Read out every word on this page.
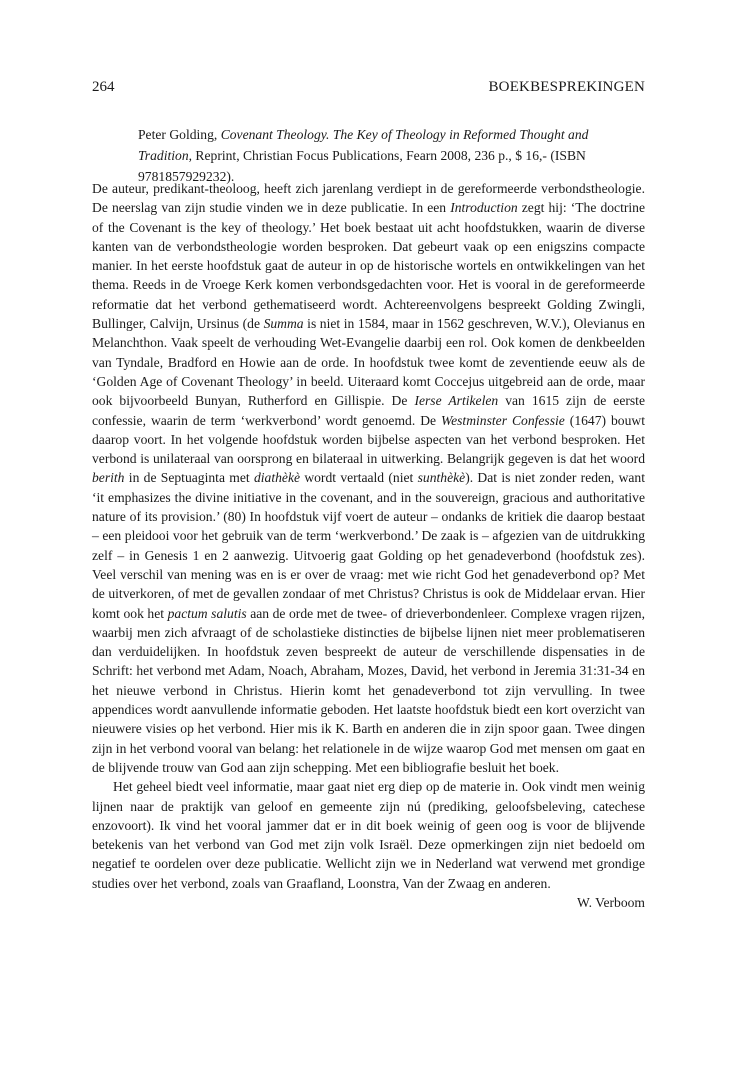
264	BOEKBESPREKINGEN
Peter Golding, Covenant Theology. The Key of Theology in Reformed Thought and Tradition, Reprint, Christian Focus Publications, Fearn 2008, 236 p., $ 16,- (ISBN 9781857929232).

De auteur, predikant-theoloog, heeft zich jarenlang verdiept in de gereformeerde verbondstheologie. De neerslag van zijn studie vinden we in deze publicatie. In een Introduction zegt hij: ‘The doctrine of the Covenant is the key of theology.’ Het boek bestaat uit acht hoofdstukken, waarin de diverse kanten van de verbondstheologie worden besproken. Dat gebeurt vaak op een enigszins compacte manier. In het eerste hoofdstuk gaat de auteur in op de historische wortels en ontwikkelingen van het thema. Reeds in de Vroege Kerk komen verbondsgedachten voor. Het is vooral in de gereformeerde reformatie dat het verbond gethematiseerd wordt. Achtereenvolgens bespreekt Golding Zwingli, Bullinger, Calvijn, Ursinus (de Summa is niet in 1584, maar in 1562 geschreven, W.V.), Olevianus en Melanchthon. Vaak speelt de verhouding Wet-Evangelie daarbij een rol. Ook komen de denkbeelden van Tyndale, Bradford en Howie aan de orde. In hoofdstuk twee komt de zeventiende eeuw als de ‘Golden Age of Covenant Theology’ in beeld. Uiteraard komt Coccejus uitgebreid aan de orde, maar ook bijvoorbeeld Bunyan, Rutherford en Gillispie. De Ierse Artikelen van 1615 zijn de eerste confessie, waarin de term ‘werkverbond’ wordt genoemd. De Westminster Confessie (1647) bouwt daarop voort. In het volgende hoofdstuk worden bijbelse aspecten van het verbond besproken. Het verbond is unilateraal van oorsprong en bilateraal in uitwerking. Belangrijk gegeven is dat het woord berith in de Septuaginta met diathèkè wordt vertaald (niet sunthèkè). Dat is niet zonder reden, want ‘it emphasizes the divine initiative in the covenant, and in the souvereign, gracious and authoritative nature of its provision.’ (80) In hoofdstuk vijf voert de auteur – ondanks de kritiek die daarop bestaat – een pleidooi voor het gebruik van de term ‘werkverbond.’ De zaak is – afgezien van de uitdrukking zelf – in Genesis 1 en 2 aanwezig. Uitvoerig gaat Golding op het genadeverbond (hoofdstuk zes). Veel verschil van mening was en is er over de vraag: met wie richt God het genadeverbond op? Met de uitverkoren, of met de gevallen zondaar of met Christus? Christus is ook de Middelaar ervan. Hier komt ook het pactum salutis aan de orde met de twee- of drieverbondenleer. Complexe vragen rijzen, waarbij men zich afvraagt of de scholastieke distincties de bijbelse lijnen niet meer problematiseren dan verduidelijken. In hoofdstuk zeven bespreekt de auteur de verschillende dispensaties in de Schrift: het verbond met Adam, Noach, Abraham, Mozes, David, het verbond in Jeremia 31:31-34 en het nieuwe verbond in Christus. Hierin komt het genadeverbond tot zijn vervulling. In twee appendices wordt aanvullende informatie geboden. Het laatste hoofdstuk biedt een kort overzicht van nieuwere visies op het verbond. Hier mis ik K. Barth en anderen die in zijn spoor gaan. Twee dingen zijn in het verbond vooral van belang: het relationele in de wijze waarop God met mensen om gaat en de blijvende trouw van God aan zijn schepping. Met een bibliografie besluit het boek.

Het geheel biedt veel informatie, maar gaat niet erg diep op de materie in. Ook vindt men weinig lijnen naar de praktijk van geloof en gemeente zijn nú (prediking, geloofsbeleving, catechese enzovoort). Ik vind het vooral jammer dat er in dit boek weinig of geen oog is voor de blijvende betekenis van het verbond van God met zijn volk Israël. Deze opmerkingen zijn niet bedoeld om negatief te oordelen over deze publicatie. Wellicht zijn we in Nederland wat verwend met grondige studies over het verbond, zoals van Graafland, Loonstra, Van der Zwaag en anderen.

W. Verboom
